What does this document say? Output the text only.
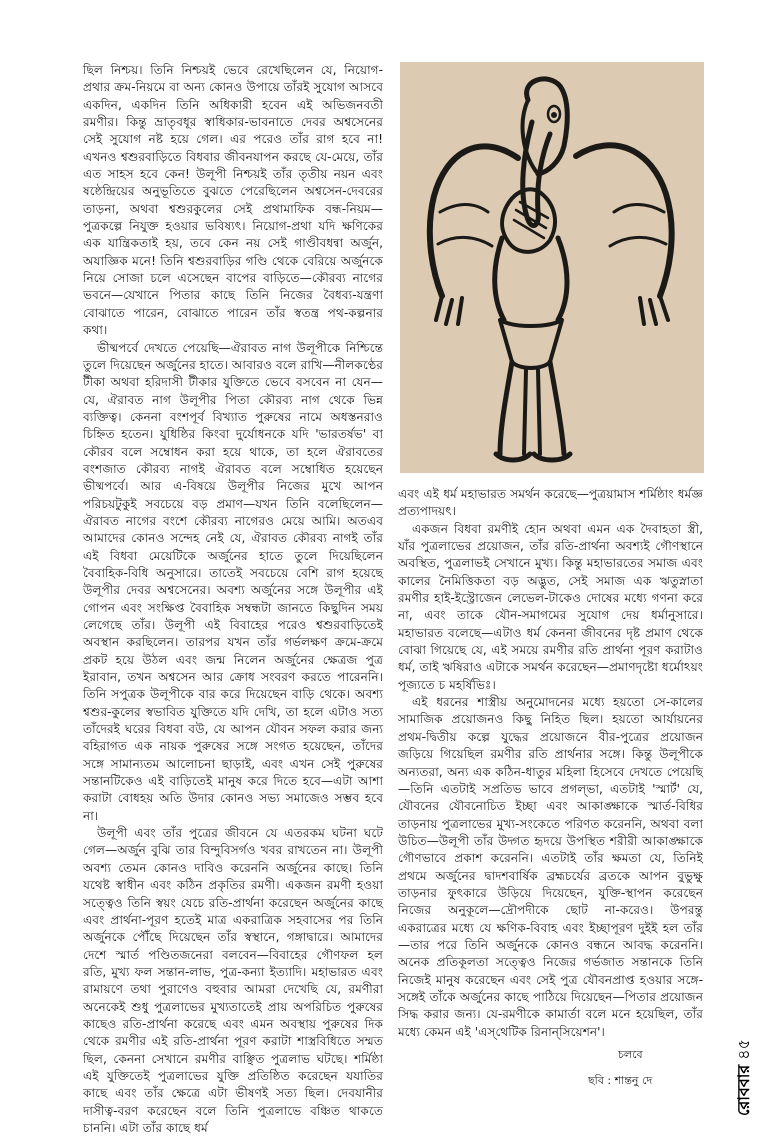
ছিল নিশ্চয়। তিনি নিশ্চয়ই ভেবে রেখেছিলেন যে, নিয়োগ-প্রথার ক্রম-নিয়মে বা অন্য কোনও উপায়ে তাঁরই সুযোগ আসবে একদিন, একদিন তিনি অধিকারী হবেন এই অভিজনবতী রমণীর। কিন্তু ভ্রাতৃবধূর স্বাধিকার-ভাবনাতে দেবর অশ্বসেনের সেই সুযোগ নষ্ট হয়ে গেল। এর পরেও তাঁর রাগ হবে না! এখনও শ্বশুরবাড়িতে বিধবার জীবনযাপন করছে যে-মেয়ে, তাঁর এত সাহস হবে কেন! উলূপী নিশ্চয়ই তাঁর তৃতীয় নয়ন এবং ষষ্ঠেন্দ্রিয়ের অনুভূতিতে বুঝতে পেরেছিলেন অশ্বসেন-দেবরের তাড়না, অথবা শ্বশুরকুলের সেই প্রথামাফিক বন্ধ-নিয়ম—পুত্রকল্পে নিযুক্ত হওয়ার ভবিষ্যৎ। নিয়োগ-প্রথা যদি ক্ষণিকের এক যান্ত্রিকতাই হয়, তবে কেন নয় সেই গাণ্ডীবধন্বা অর্জুন, অযাজ্ঞিক মনে! তিনি শ্বশুরবাড়ির গণ্ডি থেকে বেরিয়ে অর্জুনকে নিয়ে সোজা চলে এসেছেন বাপের বাড়িতে—কৌরব্য নাগের ভবনে—যেখানে পিতার কাছে তিনি নিজের বৈধব্য-যন্ত্রণা বোঝাতে পারেন, বোঝাতে পারেন তাঁর স্বতন্ত্র পথ-কল্পনার কথা।

ভীষ্মপর্বে দেখতে পেয়েছি—ঐরাবত নাগ উলূপীকে নিশ্চিন্তে তুলে দিয়েছেন অর্জুনের হাতে। আবারও বলে রাখি—নীলকণ্ঠের টীকা অথবা হরিদাসী টীকার যুক্তিতে ভেবে বসবেন না যেন—যে, ঐরাবত নাগ উলূপীর পিতা কৌরব্য নাগ থেকে ভিন্ন ব্যক্তিত্ব। কেননা বংশপূর্ব বিখ্যাত পুরুষের নামে অধস্তনরাও চিহ্নিত হতেন। যুধিষ্ঠির কিংবা দুর্যোধনকে যদি 'ভারতর্ষভ' বা কৌরব বলে সম্বোধন করা হয়ে থাকে, তা হলে ঐরাবতের বংশজাত কৌরব্য নাগই ঐরাবত বলে সম্বোধিত হয়েছেন ভীষ্মপর্বে। আর এ-বিষয়ে উলূপীর নিজের মুখে আপন পরিচয়টুকুই সবচেয়ে বড় প্রমাণ—যখন তিনি বলেছিলেন—ঐরাবত নাগের বংশে কৌরব্য নাগেরও মেয়ে আমি। অতএব আমাদের কোনও সন্দেহ নেই যে, ঐরাবত কৌরব্য নাগই তাঁর এই বিধবা মেয়েটিকে অর্জুনের হাতে তুলে দিয়েছিলেন বৈবাহিক-বিধি অনুসারে। তাতেই সবচেয়ে বেশি রাগ হয়েছে উলূপীর দেবর অশ্বসেনের। অবশ্য অর্জুনের সঙ্গে উলূপীর এই গোপন এবং সংক্ষিপ্ত বৈবাহিক সম্বন্ধটা জানতে কিছুদিন সময় লেগেছে তাঁর। উলূপী এই বিবাহের পরেও শ্বশুরবাড়িতেই অবস্থান করছিলেন। তারপর যখন তাঁর গর্ভলক্ষণ ক্রমে-ক্রমে প্রকট হয়ে উঠল এবং জন্ম নিলেন অর্জুনের ক্ষেত্রজ পুত্র ইরাবান, তখন অশ্বসেন আর ক্রোধ সংবরণ করতে পারেননি। তিনি সপুত্রক উলূপীকে বার করে দিয়েছেন বাড়ি থেকে। অবশ্য শ্বশুর-কুলের স্বভাবিত যুক্তিতে যদি দেখি, তা হলে এটাও সত্য তাঁদেরই ঘরের বিধবা বউ, যে আপন যৌবন সফল করার জন্য বহিরাগত এক নায়ক পুরুষের সঙ্গে সংগত হয়েছেন, তাঁদের সঙ্গে সামান্যতম আলোচনা ছাড়াই, এবং এখন সেই পুরুষের সন্তানটিকেও এই বাড়িতেই মানুষ করে দিতে হবে—এটা আশা করাটা বোধহয় অতি উদার কোনও সভ্য সমাজেও সম্ভব হবে না।

উলূপী এবং তাঁর পুত্রের জীবনে যে এতরকম ঘটনা ঘটে গেল—অর্জুন বুঝি তার বিন্দুবিসর্গও খবর রাখতেন না। উলূপী অবশ্য তেমন কোনও দাবিও করেননি অর্জুনের কাছে। তিনি যথেষ্ট স্বাধীন এবং কঠিন প্রকৃতির রমণী। একজন রমণী হওয়া সত্ত্বেও তিনি স্বয়ং যেচে রতি-প্রার্থনা করেছেন অর্জুনের কাছে এবং প্রার্থনা-পূরণ হতেই মাত্র একরাত্রিক সহবাসের পর তিনি অর্জুনকে পৌঁছে দিয়েছেন তাঁর স্বস্থানে, গঙ্গাদ্বারে। আমাদের দেশে স্মার্ত পণ্ডিতজনেরা বলবেন—বিবাহের গৌণফল হল রতি, মুখ্য ফল সন্তান-লাভ, পুত্র-কন্যা ইত্যাদি। মহাভারত এবং রামায়ণে তথা পুরাণেও বহুবার আমরা দেখেছি যে, রমণীরা অনেকেই শুধু পুত্রলাভের মুখ্যতাতেই প্রায় অপরিচিত পুরুষের কাছেও রতি-প্রার্থনা করেছে এবং এমন অবস্থায় পুরুষের দিক থেকে রমণীর এই রতি-প্রার্থনা পূরণ করাটা শাস্ত্রবিধিতে সম্মত ছিল, কেননা সেখানে রমণীর বাঞ্ছিত পুত্রলাভ ঘটছে। শর্মিষ্ঠা এই যুক্তিতেই পুত্রলাভের যুক্তি প্রতিষ্ঠিত করেছেন যযাতির কাছে এবং তাঁর ক্ষেত্রে এটা ভীষণই সত্য ছিল। দেবযানীর দাসীত্ব-বরণ করেছেন বলে তিনি পুত্রলাভে বঞ্চিত থাকতে চাননি। এটা তাঁর কাছে ধর্ম

এবং এই ধর্ম মহাভারত সমর্থন করেছে—পুত্রয়ামাস শর্মিষ্ঠাং ধর্মজ্ঞ প্রত্যপাদয়ৎ।

একজন বিধবা রমণীই হোন অথবা এমন এক দৈবাহতা স্ত্রী, যাঁর পুত্রলাভের প্রয়োজন, তাঁর রতি-প্রার্থনা অবশ্যই গৌণস্থানে অবস্থিত, পুত্রলাভই সেখানে মুখ্য। কিন্তু মহাভারতের সমাজ এবং কালের নৈমিত্তিকতা বড় অদ্ভুত, সেই সমাজ এক ঋতুস্নাতা রমণীর হাই-ইস্ট্রোজেন লেভেল-টাকেও দোষের মধ্যে গণনা করে না, এবং তাকে যৌন-সমাগমের সুযোগ দেয় ধর্মানুসারে। মহাভারত বলেছে—এটাও ধর্ম কেননা জীবনের দৃষ্ট প্রমাণ থেকে বোঝা গিয়েছে যে, এই সময়ে রমণীর রতি প্রার্থনা পূরণ করাটাও ধর্ম, তাই ঋষিরাও এটাকে সমর্থন করেছেন—প্রমাণদৃষ্টো ধর্মোঽয়ং পূজ্যতে চ মহর্ষিভিঃ।

এই ধরনের শাস্ত্রীয় অনুমোদনের মধ্যে হয়তো সে-কালের সামাজিক প্রয়োজনও কিছু নিহিত ছিল। হয়তো আর্যায়নের প্রথম-দ্বিতীয় কল্পে যুদ্ধের প্রয়োজনে বীর-পুত্রের প্রয়োজন জড়িয়ে গিয়েছিল রমণীর রতি প্রার্থনার সঙ্গে। কিন্তু উলূপীকে অন্যতরা, অন্য এক কঠিন-ধাতুর মহিলা হিসেবে দেখতে পেয়েছি—তিনি এতটাই সপ্রতিভ ভাবে প্রগল্‌ভা, এতটাই 'স্মার্ট' যে, যৌবনের যৌবনোচিত ইচ্ছা এবং আকাঙ্ক্ষাকে স্মার্ত-বিধির তাড়নায় পুত্রলাভের মুখ্য-সংকেতে পরিণত করেননি, অথবা বলা উচিত—উলূপী তাঁর উদ্গত হৃদয়ে উপস্থিত শরীরী আকাঙ্ক্ষাকে গৌণভাবে প্রকাশ করেননি। এতটাই তাঁর ক্ষমতা যে, তিনিই প্রথমে অর্জুনের দ্বাদশবার্ষিক ব্রহ্মচর্যের ব্রতকে আপন বুভুক্ষু তাড়নার ফুৎকারে উড়িয়ে দিয়েছেন, যুক্তি-স্থাপন করেছেন নিজের অনুকূলে—দ্রৌপদীকে ছোট না-করেও। উপরন্তু একরাত্রের মধ্যে যে ক্ষণিক-বিবাহ এবং ইচ্ছাপূরণ দুইই হল তাঁর—তার পরে তিনি অর্জুনকে কোনও বন্ধনে আবদ্ধ করেননি। অনেক প্রতিকূলতা সত্ত্বেও নিজের গর্ভজাত সন্তানকে তিনি নিজেই মানুষ করেছেন এবং সেই পুত্র যৌবনপ্রাপ্ত হওয়ার সঙ্গে-সঙ্গেই তাঁকে অর্জুনের কাছে পাঠিয়ে দিয়েছেন—পিতার প্রয়োজন সিদ্ধ করার জন্য। যে-রমণীকে কামার্তা বলে মনে হয়েছিল, তাঁর মধ্যে কেমন এই 'এস্‌থেটিক রিনান্‌সিয়েশন'।

চলবে
ছবি : শান্তনু দে	রোববার ৪৫
